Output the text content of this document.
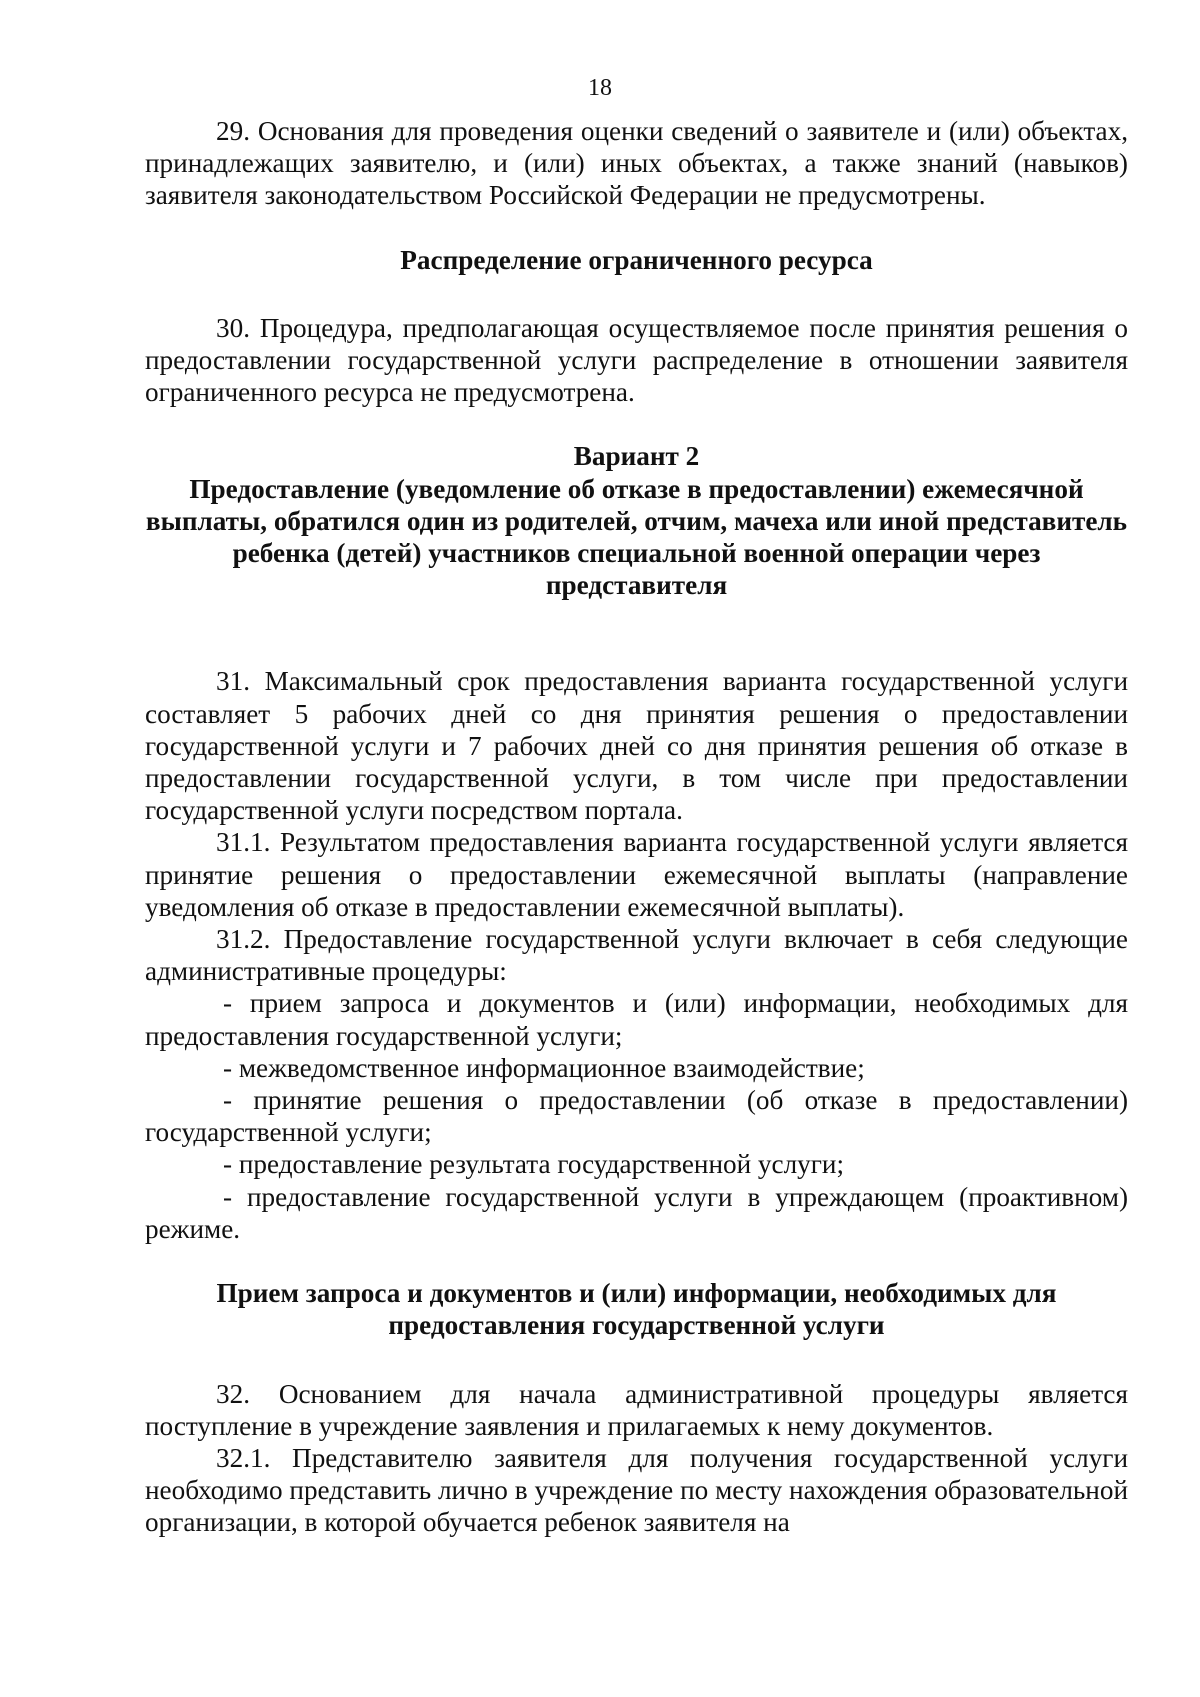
18

29. Основания для проведения оценки сведений о заявителе и (или) объектах, принадлежащих заявителю, и (или) иных объектах, а также знаний (навыков) заявителя законодательством Российской Федерации не предусмотрены.

Распределение ограниченного ресурса

30. Процедура, предполагающая осуществляемое после принятия решения о предоставлении государственной услуги распределение в отношении заявителя ограниченного ресурса не предусмотрена.

Вариант 2

Предоставление (уведомление об отказе в предоставлении) ежемесячной выплаты, обратился один из родителей, отчим, мачеха или иной представитель ребенка (детей) участников специальной военной операции через представителя

31. Максимальный срок предоставления варианта государственной услуги составляет 5 рабочих дней со дня принятия решения о предоставлении государственной услуги и 7 рабочих дней со дня принятия решения об отказе в предоставлении государственной услуги, в том числе при предоставлении государственной услуги посредством портала.

31.1. Результатом предоставления варианта государственной услуги является принятие решения о предоставлении ежемесячной выплаты (направление уведомления об отказе в предоставлении ежемесячной выплаты).

31.2. Предоставление государственной услуги включает в себя следующие административные процедуры:

- прием запроса и документов и (или) информации, необходимых для предоставления государственной услуги;

- межведомственное информационное взаимодействие;

- принятие решения о предоставлении (об отказе в предоставлении) государственной услуги;

- предоставление результата государственной услуги;

- предоставление государственной услуги в упреждающем (проактивном) режиме.

Прием запроса и документов и (или) информации, необходимых для предоставления государственной услуги

32. Основанием для начала административной процедуры является поступление в учреждение заявления и прилагаемых к нему документов.

32.1. Представителю заявителя для получения государственной услуги необходимо представить лично в учреждение по месту нахождения образовательной организации, в которой обучается ребенок заявителя на
